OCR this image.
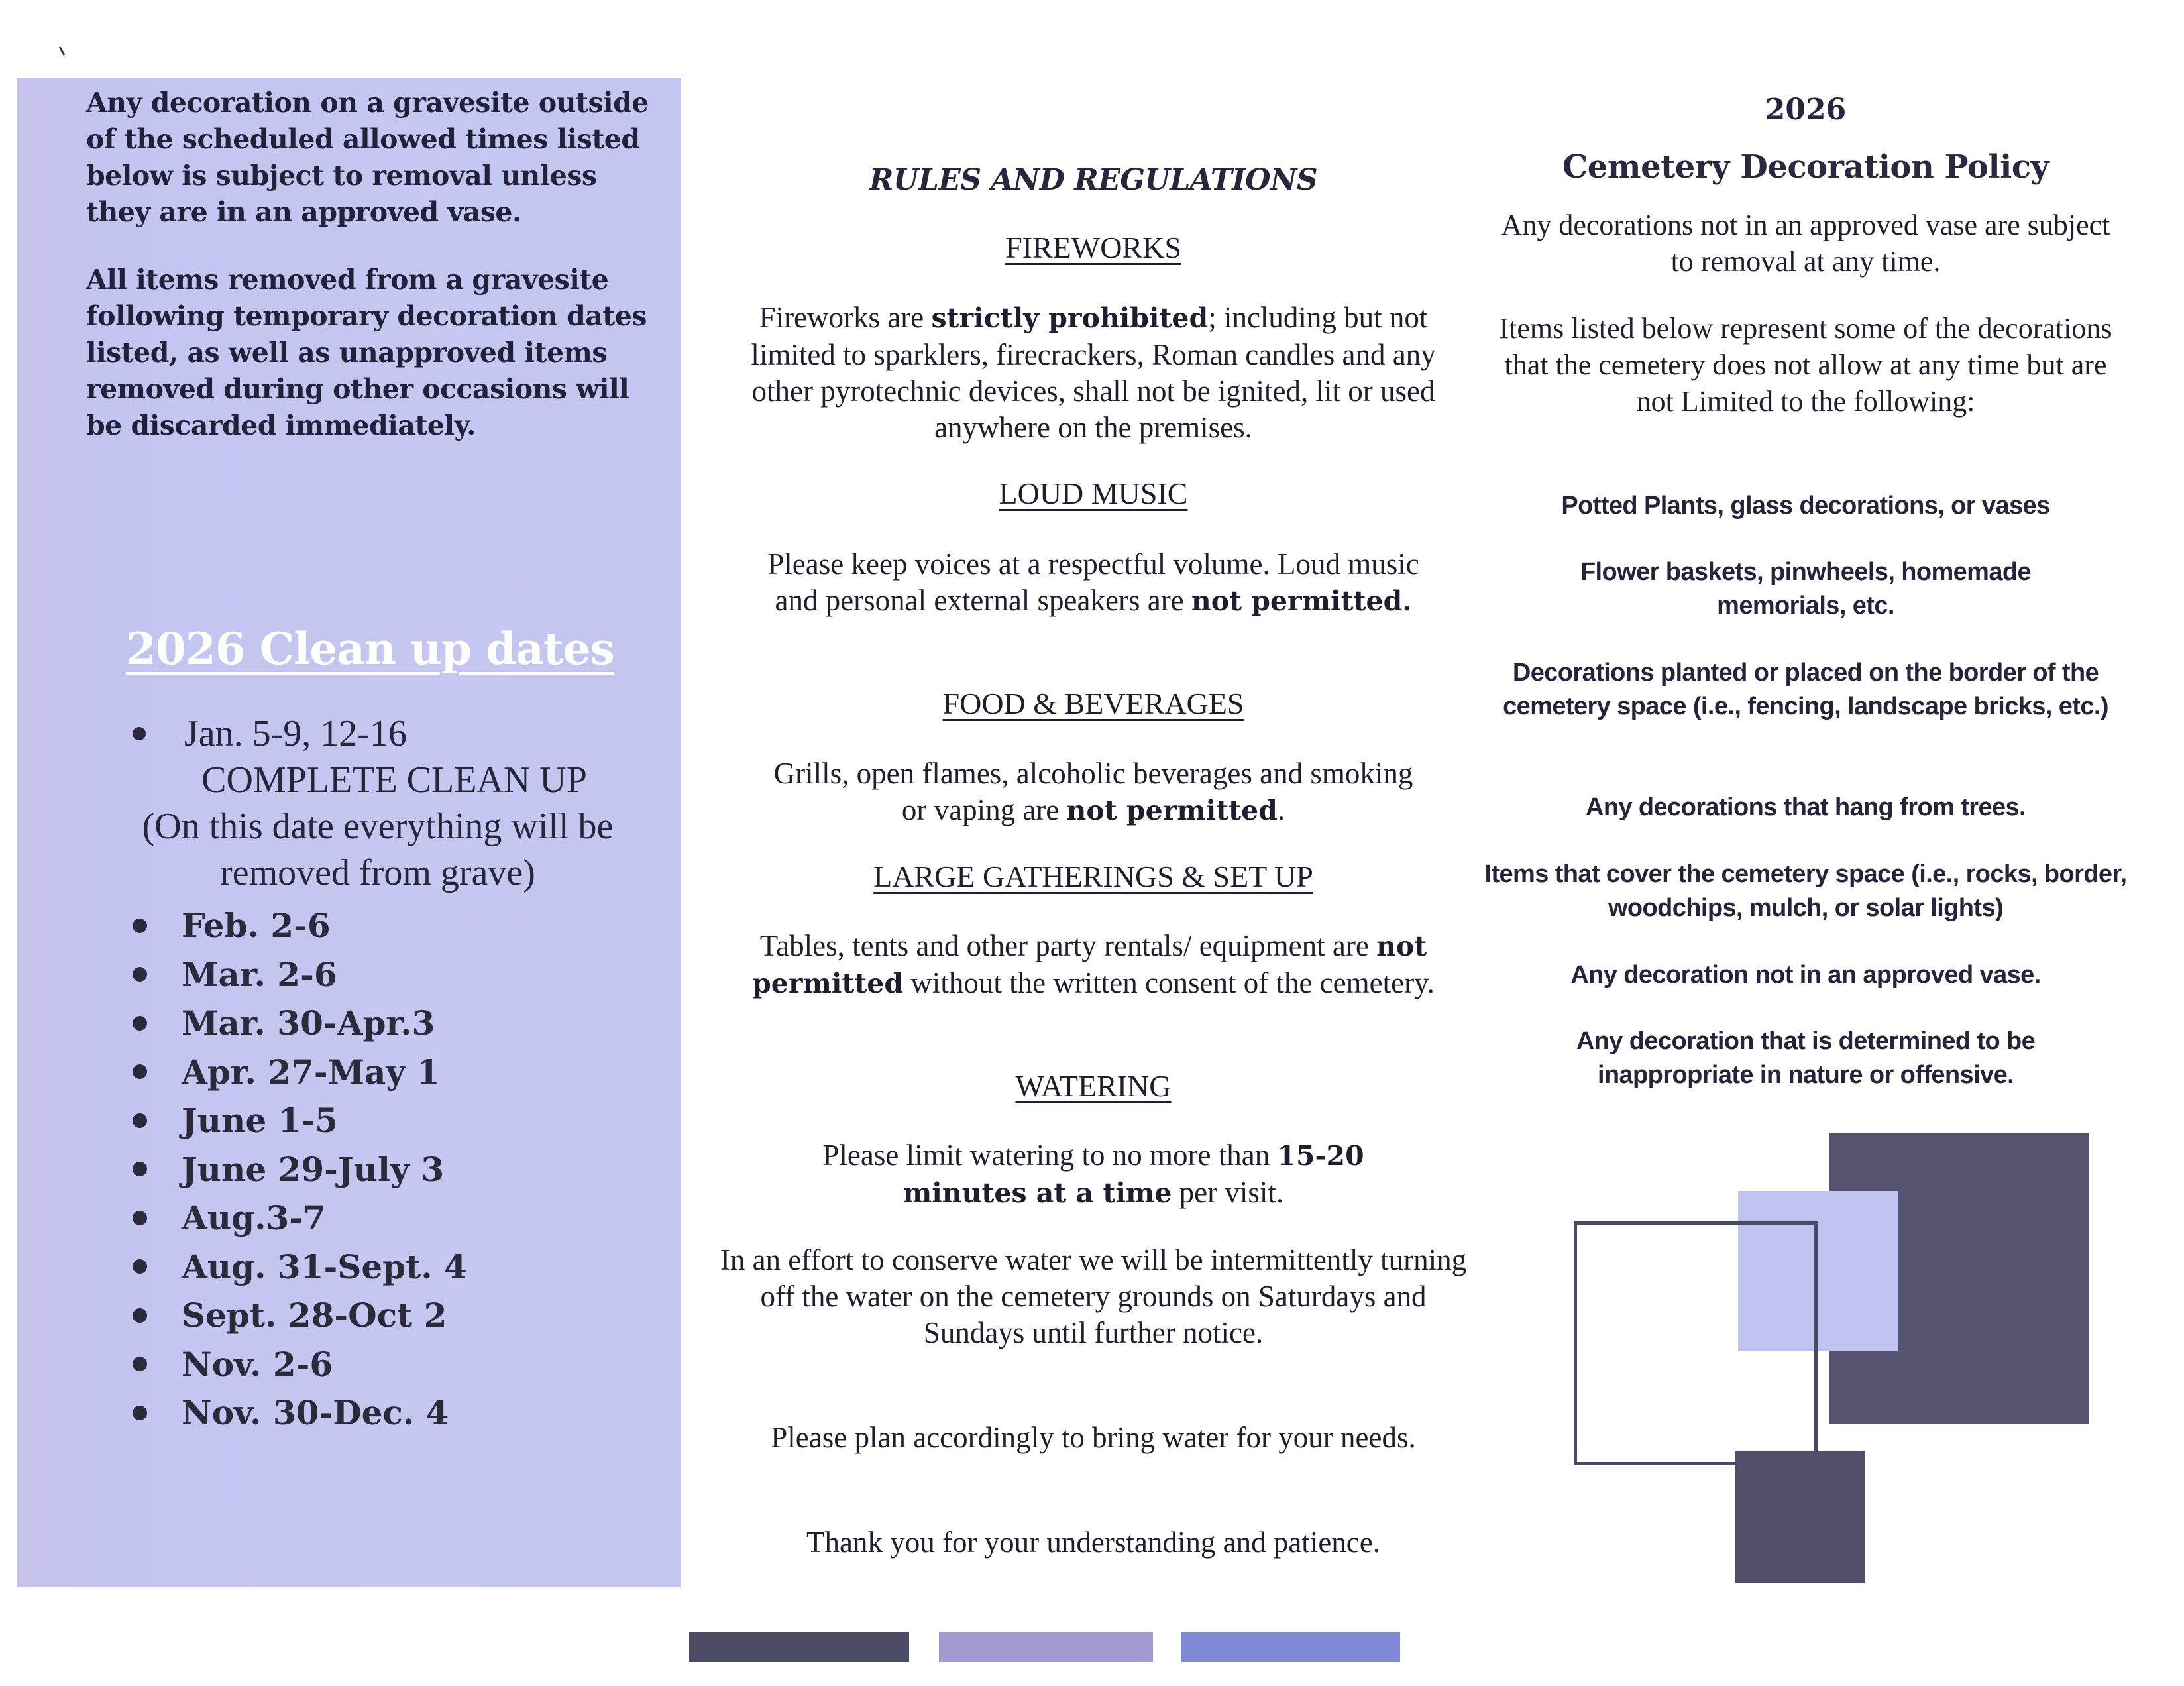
Any decoration on a gravesite outside
of the scheduled allowed times listed
below is subject to removal unless
they are in an approved vase.
All items removed from a gravesite
following temporary decoration dates
listed, as well as unapproved items
removed during other occasions will
be discarded immediately.
2026 Clean up dates
Jan. 5-9, 12-16
COMPLETE CLEAN UP
(On this date everything will be
removed from grave)
Feb. 2-6
Mar. 2-6
Mar. 30-Apr.3
Apr. 27-May 1
June 1-5
June 29-July 3
Aug.3-7
Aug. 31-Sept. 4
Sept. 28-Oct 2
Nov. 2-6
Nov. 30-Dec. 4
RULES AND REGULATIONS
FIREWORKS
Fireworks are strictly prohibited; including but not limited to sparklers, firecrackers, Roman candles and any other pyrotechnic devices, shall not be ignited, lit or used anywhere on the premises.
LOUD MUSIC
Please keep voices at a respectful volume. Loud music and personal external speakers are not permitted.
FOOD & BEVERAGES
Grills, open flames, alcoholic beverages and smoking or vaping are not permitted.
LARGE GATHERINGS & SET UP
Tables, tents and other party rentals/ equipment are not permitted without the written consent of the cemetery.
WATERING
Please limit watering to no more than 15-20 minutes at a time per visit.
In an effort to conserve water we will be intermittently turning off the water on the cemetery grounds on Saturdays and Sundays until further notice.
Please plan accordingly to bring water for your needs.
Thank you for your understanding and patience.
2026
Cemetery Decoration Policy
Any decorations not in an approved vase are subject to removal at any time.
Items listed below represent some of the decorations that the cemetery does not allow at any time but are not Limited to the following:
Potted Plants, glass decorations, or vases
Flower baskets, pinwheels, homemade memorials, etc.
Decorations planted or placed on the border of the cemetery space (i.e., fencing, landscape bricks, etc.)
Any decorations that hang from trees.
Items that cover the cemetery space (i.e., rocks, border, woodchips, mulch, or solar lights)
Any decoration not in an approved vase.
Any decoration that is determined to be inappropriate in nature or offensive.
